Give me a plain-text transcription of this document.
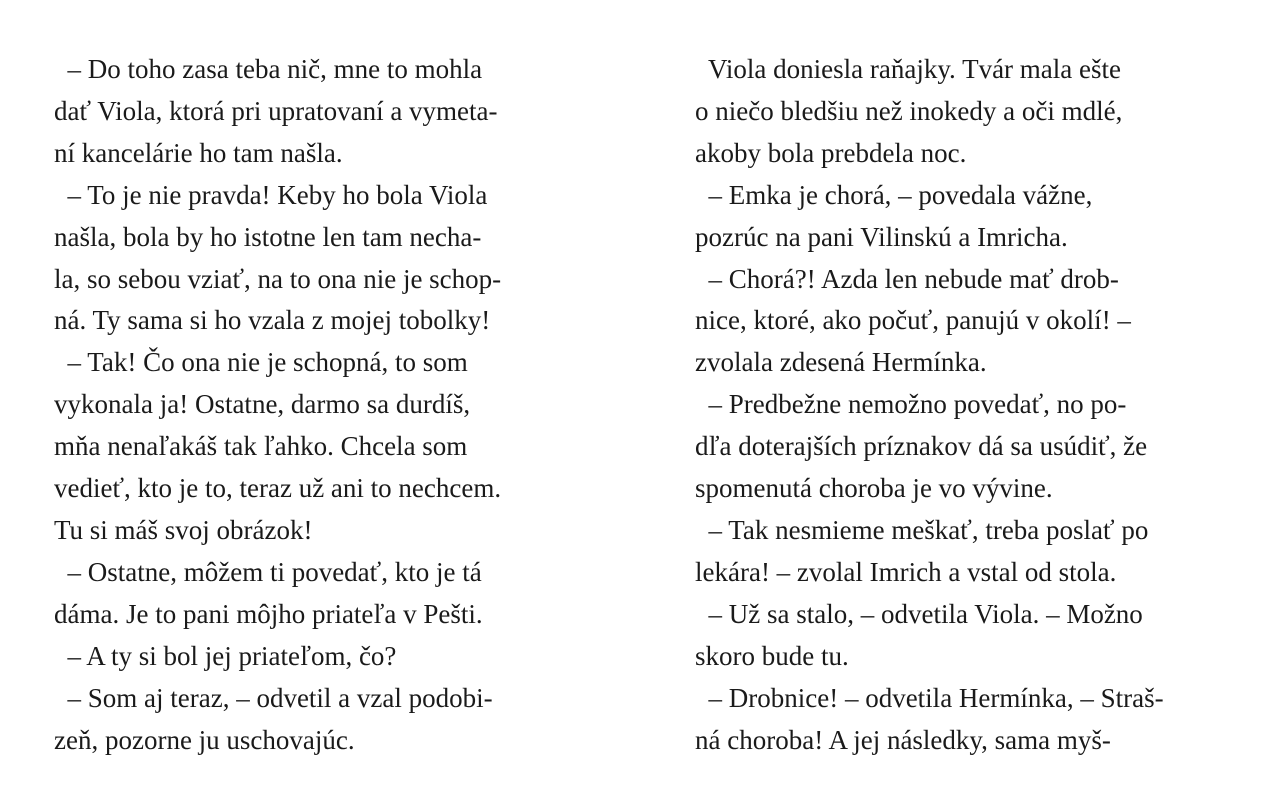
– Do toho zasa teba nič, mne to mohla
dať Viola, ktorá pri upratovaní a vymeta-
ní kancelárie ho tam našla.
– To je nie pravda! Keby ho bola Viola
našla, bola by ho istotne len tam necha-
la, so sebou vziať, na to ona nie je schop-
ná. Ty sama si ho vzala z mojej tobolky!
– Tak! Čo ona nie je schopná, to som
vykonala ja! Ostatne, darmo sa durdíš,
mňa nenaľakáš tak ľahko. Chcela som
vedieť, kto je to, teraz už ani to nechcem.
Tu si máš svoj obrázok!
– Ostatne, môžem ti povedať, kto je tá
dáma. Je to pani môjho priateľa v Pešti.
– A ty si bol jej priateľom, čo?
– Som aj teraz, – odvetil a vzal podobi-
zeň, pozorne ju uschovajúc.
Viola doniesla raňajky. Tvár mala ešte
o niečo bledšiu než inokedy a oči mdlé,
akoby bola prebdela noc.
– Emka je chorá, – povedala vážne,
pozrúc na pani Vilinskú a Imricha.
– Chorá?! Azda len nebude mať drob-
nice, ktoré, ako počuť, panujú v okolí! –
zvolala zdesená Hermínka.
– Predbežne nemožno povedať, no po-
dľa doterajších príznakov dá sa usúdiť, že
spomenutá choroba je vo vývine.
– Tak nesmieme meškať, treba poslať po
lekára! – zvolal Imrich a vstal od stola.
– Už sa stalo, – odvetila Viola. – Možno
skoro bude tu.
– Drobnice! – odvetila Hermínka, – Straš-
ná choroba! A jej následky, sama myš-
